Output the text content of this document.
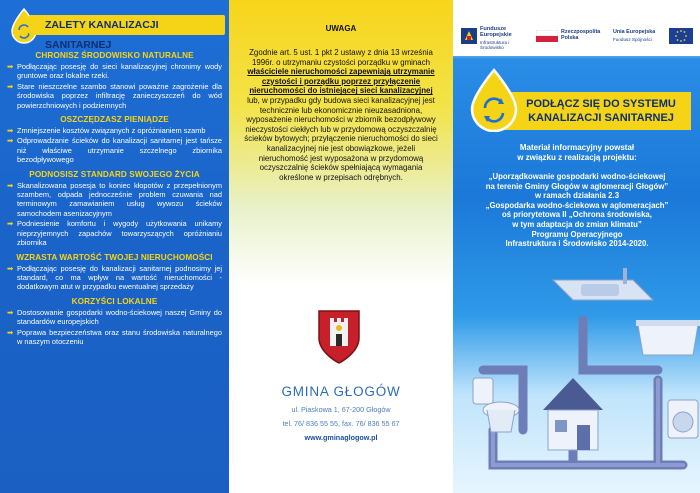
ZALETY KANALIZACJI SANITARNEJ
CHRONISZ ŚRODOWISKO NATURALNE
➡ Podłączając posesję do sieci kanalizacyjnej chronimy wody gruntowe oraz lokalne rzeki.
➡ Stare nieszczelne szambo stanowi poważne zagrożenie dla środowiska poprzez infiltrację zanieczyszczeń do wód powierzchniowych i podziemnych
OSZCZĘDZASZ PIENIĄDZE
➡ Zmniejszenie kosztów związanych z opróżnianiem szamb
➡ Odprowadzanie ścieków do kanalizacji sanitarnej jest tańsze niż właściwe utrzymanie szczelnego zbiornika bezodpływowego
PODNOSISZ STANDARD SWOJEGO ŻYCIA
➡ Skanalizowana posesja to koniec kłopotów z przepełnionym szambem, odpada jednocześnie problem czuwania nad terminowym zamawianiem usług wywozu ścieków samochodem asenizacyjnym
➡ Podniesienie komfortu i wygody użytkowania unikamy nieprzyjemnych zapachów towarzyszących opróżnianiu zbiornika
WZRASTA WARTOŚĆ TWOJEJ NIERUCHOMOŚCI
➡ Podłączając posesję do kanalizacji sanitarnej podnosimy jej standard, co ma wpływ na wartość nieruchomości - dodatkowym atut w przypadku ewentualnej sprzedaży
KORZYŚCI LOKALNE
➡ Dostosowanie gospodarki wodno-ściekowej naszej Gminy do standardów europejskich
➡ Poprawa bezpieczeństwa oraz stanu środowiska naturalnego w naszym otoczeniu
UWAGA
Zgodnie art. 5 ust. 1 pkt 2 ustawy z dnia 13 września 1996r. o utrzymaniu czystości porządku w gminach właściciele nieruchomości zapewniają utrzymanie czystości i porządku poprzez przyłączenie nieruchomości do istniejącej sieci kanalizacyjnej lub, w przypadku gdy budowa sieci kanalizacyjnej jest technicznie lub ekonomicznie nieuzasadniona, wyposażenie nieruchomości w zbiornik bezodpływowy nieczystości ciekłych lub w przydomową oczyszczalnię ścieków bytowych; przyłączenie nieruchomości do sieci kanalizacyjnej nie jest obowiązkowe, jeżeli nieruchomość jest wyposażona w przydomową oczyszczalnię ścieków spełniającą wymagania określone w przepisach odrębnych.
GMINA GŁOGÓW
ul. Piaskowa 1, 67-200 Głogów
tel. 76/ 836 55 55, fax. 76/ 836 55 67
www.gminaglogow.pl
Fundusze
Europejskie
Infrastruktura i Środowisko
Rzeczpospolita
Polska
Unia Europejska
Fundusz Spójności
PODŁĄCZ SIĘ DO SYSTEMU
KANALIZACJI SANITARNEJ
Materiał informacyjny powstał
w związku z realizacją projektu:
„Uporządkowanie gospodarki wodno-ściekowej
na terenie Gminy Głogów w aglomeracji Głogów”
w ramach działania 2.3
„Gospodarka wodno-ściekowa w aglomeracjach”
oś priorytetowa II „Ochrona środowiska,
w tym adaptacja do zmian klimatu”
Programu Operacyjnego
Infrastruktura i Środowisko 2014-2020.
